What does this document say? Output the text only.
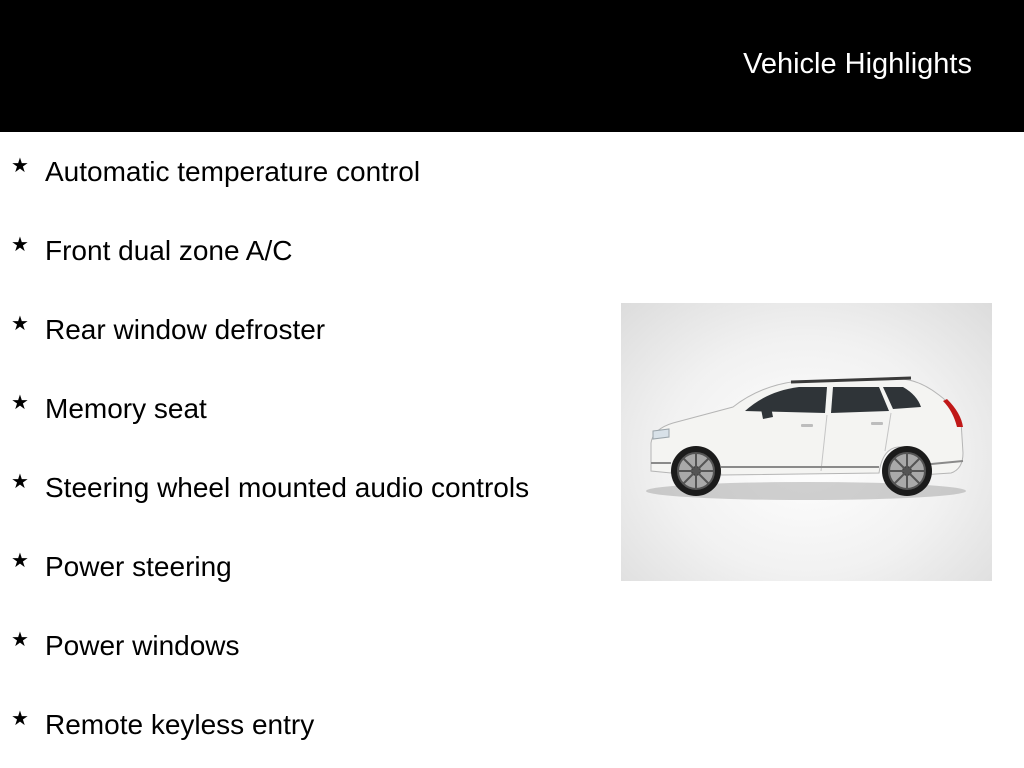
Vehicle Highlights
★ Automatic temperature control
★ Front dual zone A/C
★ Rear window defroster
★ Memory seat
★ Steering wheel mounted audio controls
★ Power steering
★ Power windows
★ Remote keyless entry
